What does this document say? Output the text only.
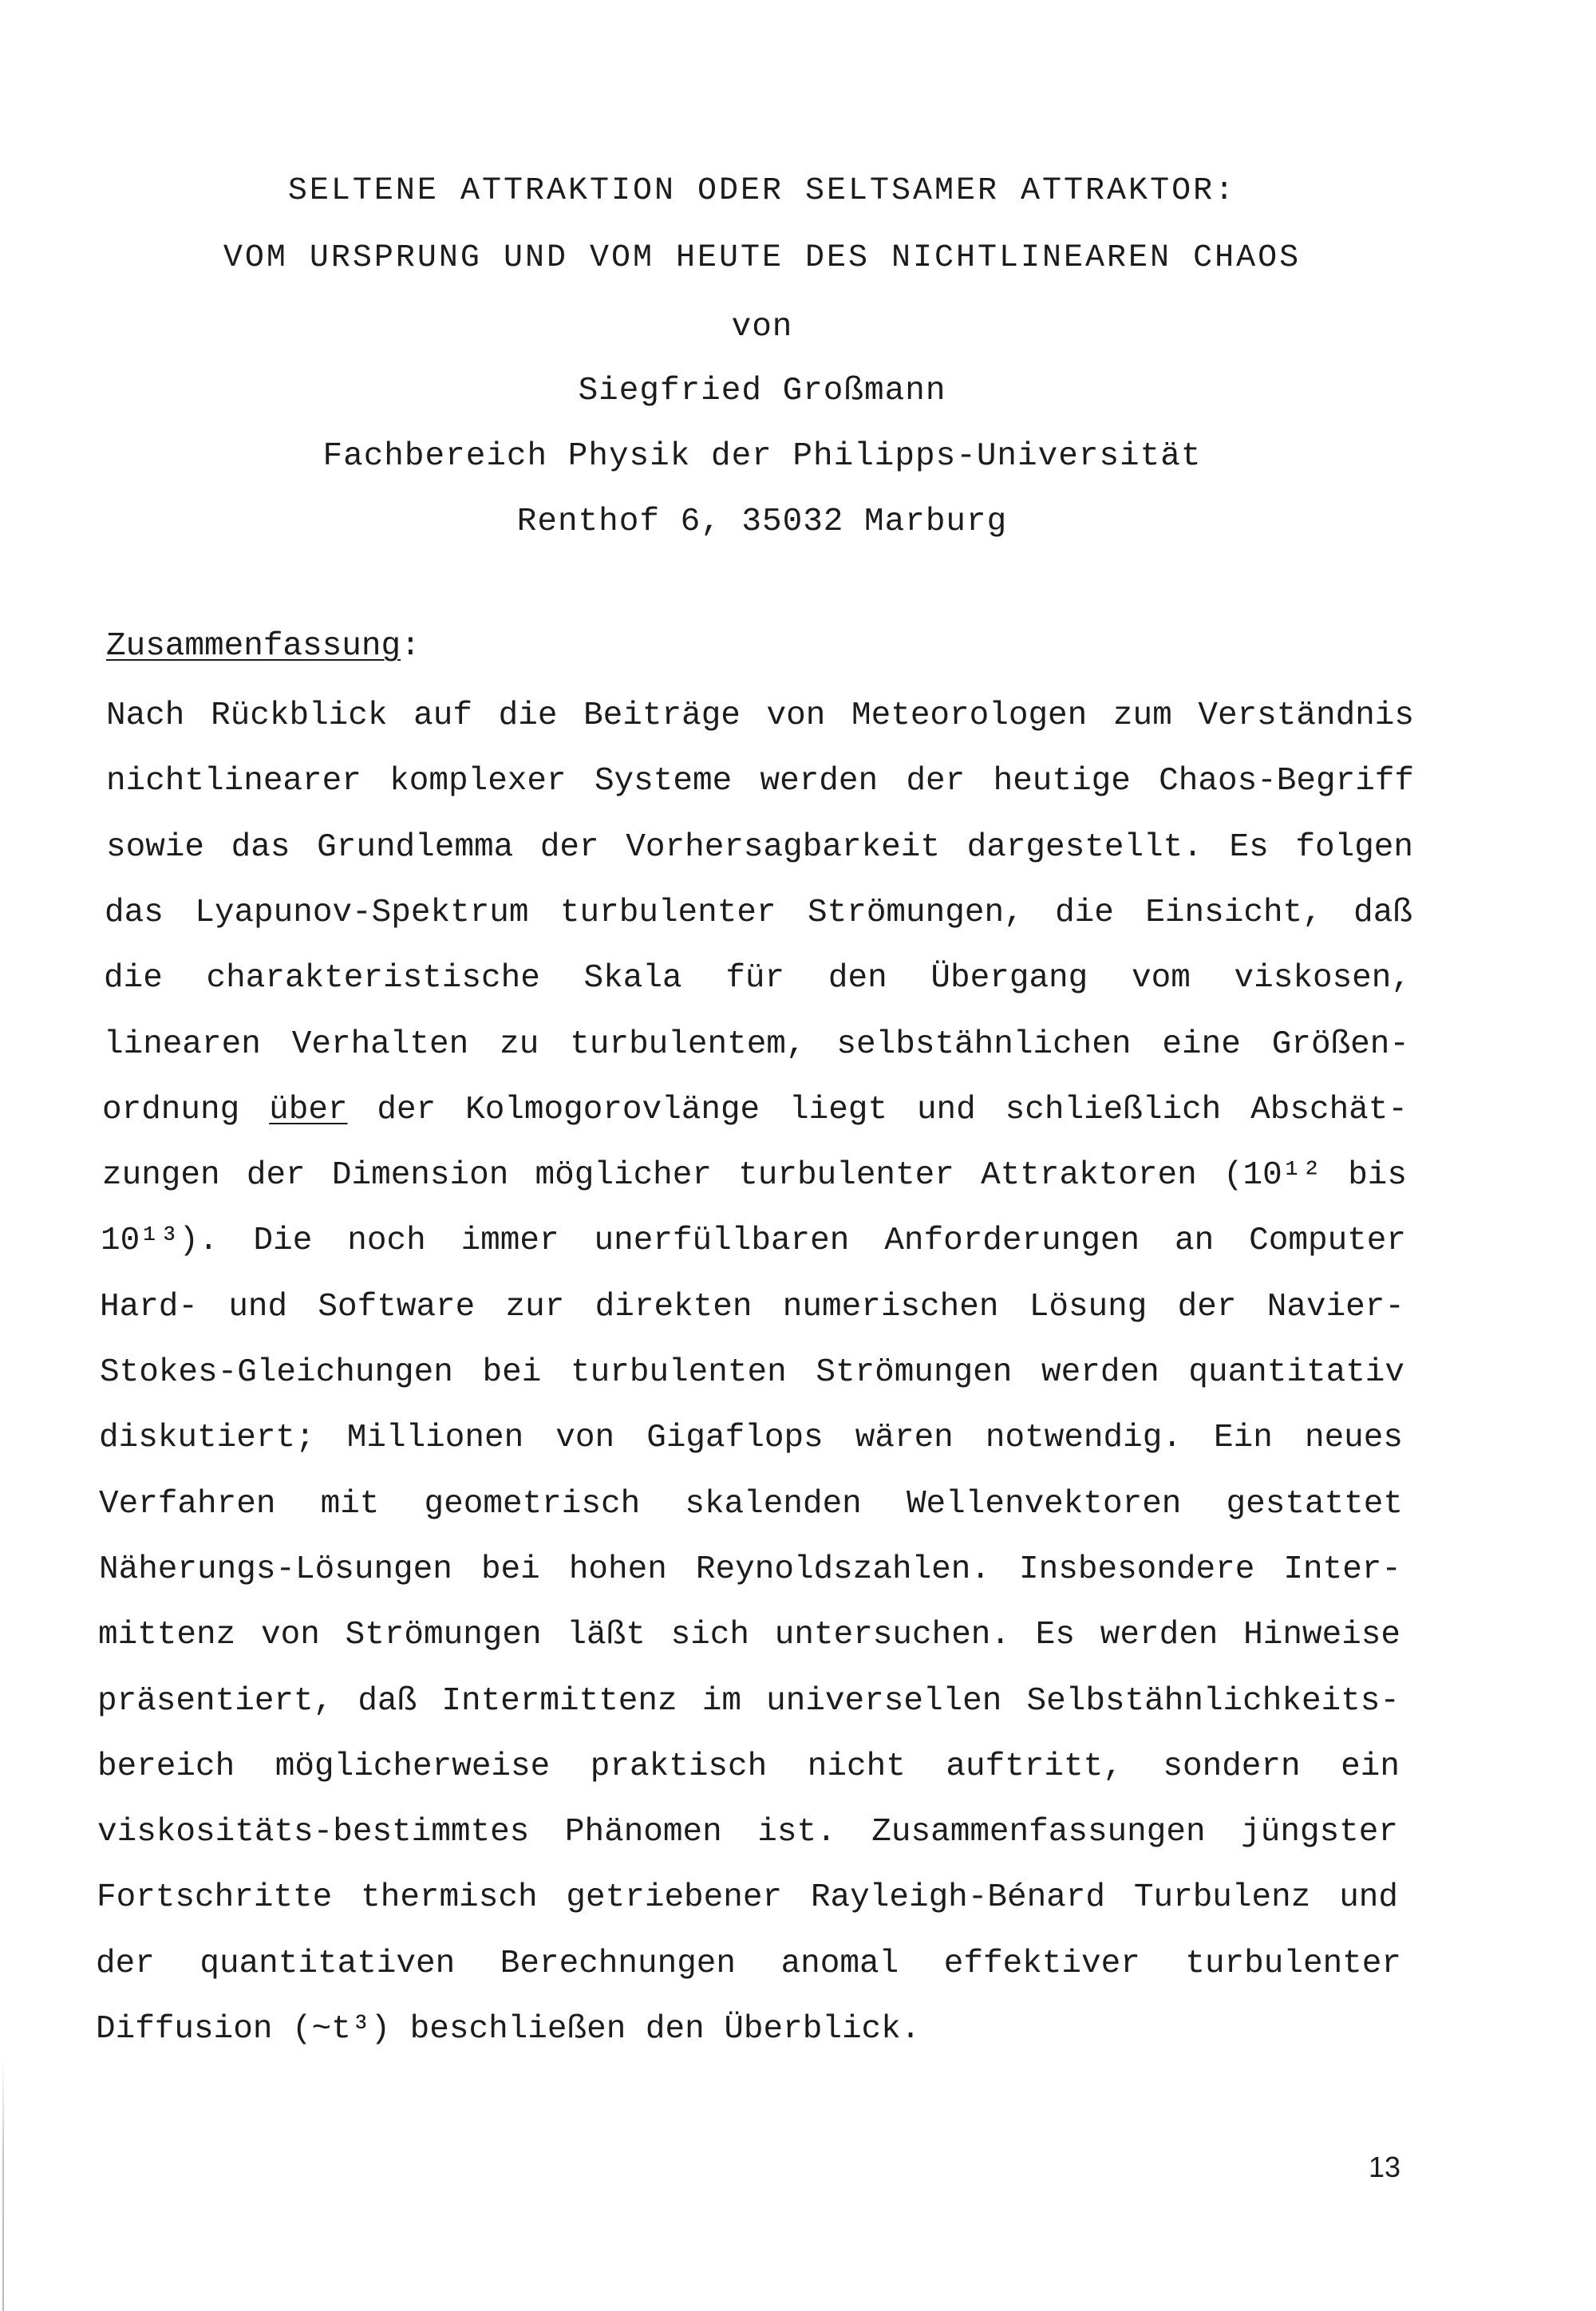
SELTENE ATTRAKTION ODER SELTSAMER ATTRAKTOR:
VOM URSPRUNG UND VOM HEUTE DES NICHTLINEAREN CHAOS
von
Siegfried Großmann
Fachbereich Physik der Philipps-Universität
Renthof 6, 35032 Marburg
Zusammenfassung:
Nach Rückblick auf die Beiträge von Meteorologen zum Verständnis
nichtlinearer komplexer Systeme werden der heutige Chaos-Begriff
sowie das Grundlemma der Vorhersagbarkeit dargestellt. Es folgen
das Lyapunov-Spektrum turbulenter Strömungen, die Einsicht, daß
die charakteristische Skala für den Übergang vom viskosen,
linearen Verhalten zu turbulentem, selbstähnlichen eine Größen-
ordnung über der Kolmogorovlänge liegt und schließlich Abschät-
zungen der Dimension möglicher turbulenter Attraktoren (10¹² bis
10¹³). Die noch immer unerfüllbaren Anforderungen an Computer
Hard- und Software zur direkten numerischen Lösung der Navier-
Stokes-Gleichungen bei turbulenten Strömungen werden quantitativ
diskutiert; Millionen von Gigaflops wären notwendig. Ein neues
Verfahren mit geometrisch skalenden Wellenvektoren gestattet
Näherungs-Lösungen bei hohen Reynoldszahlen. Insbesondere Inter-
mittenz von Strömungen läßt sich untersuchen. Es werden Hinweise
präsentiert, daß Intermittenz im universellen Selbstähnlichkeits-
bereich möglicherweise praktisch nicht auftritt, sondern ein
viskositäts-bestimmtes Phänomen ist. Zusammenfassungen jüngster
Fortschritte thermisch getriebener Rayleigh-Bénard Turbulenz und
der quantitativen Berechnungen anomal effektiver turbulenter
Diffusion (~t³) beschließen den Überblick.
13
